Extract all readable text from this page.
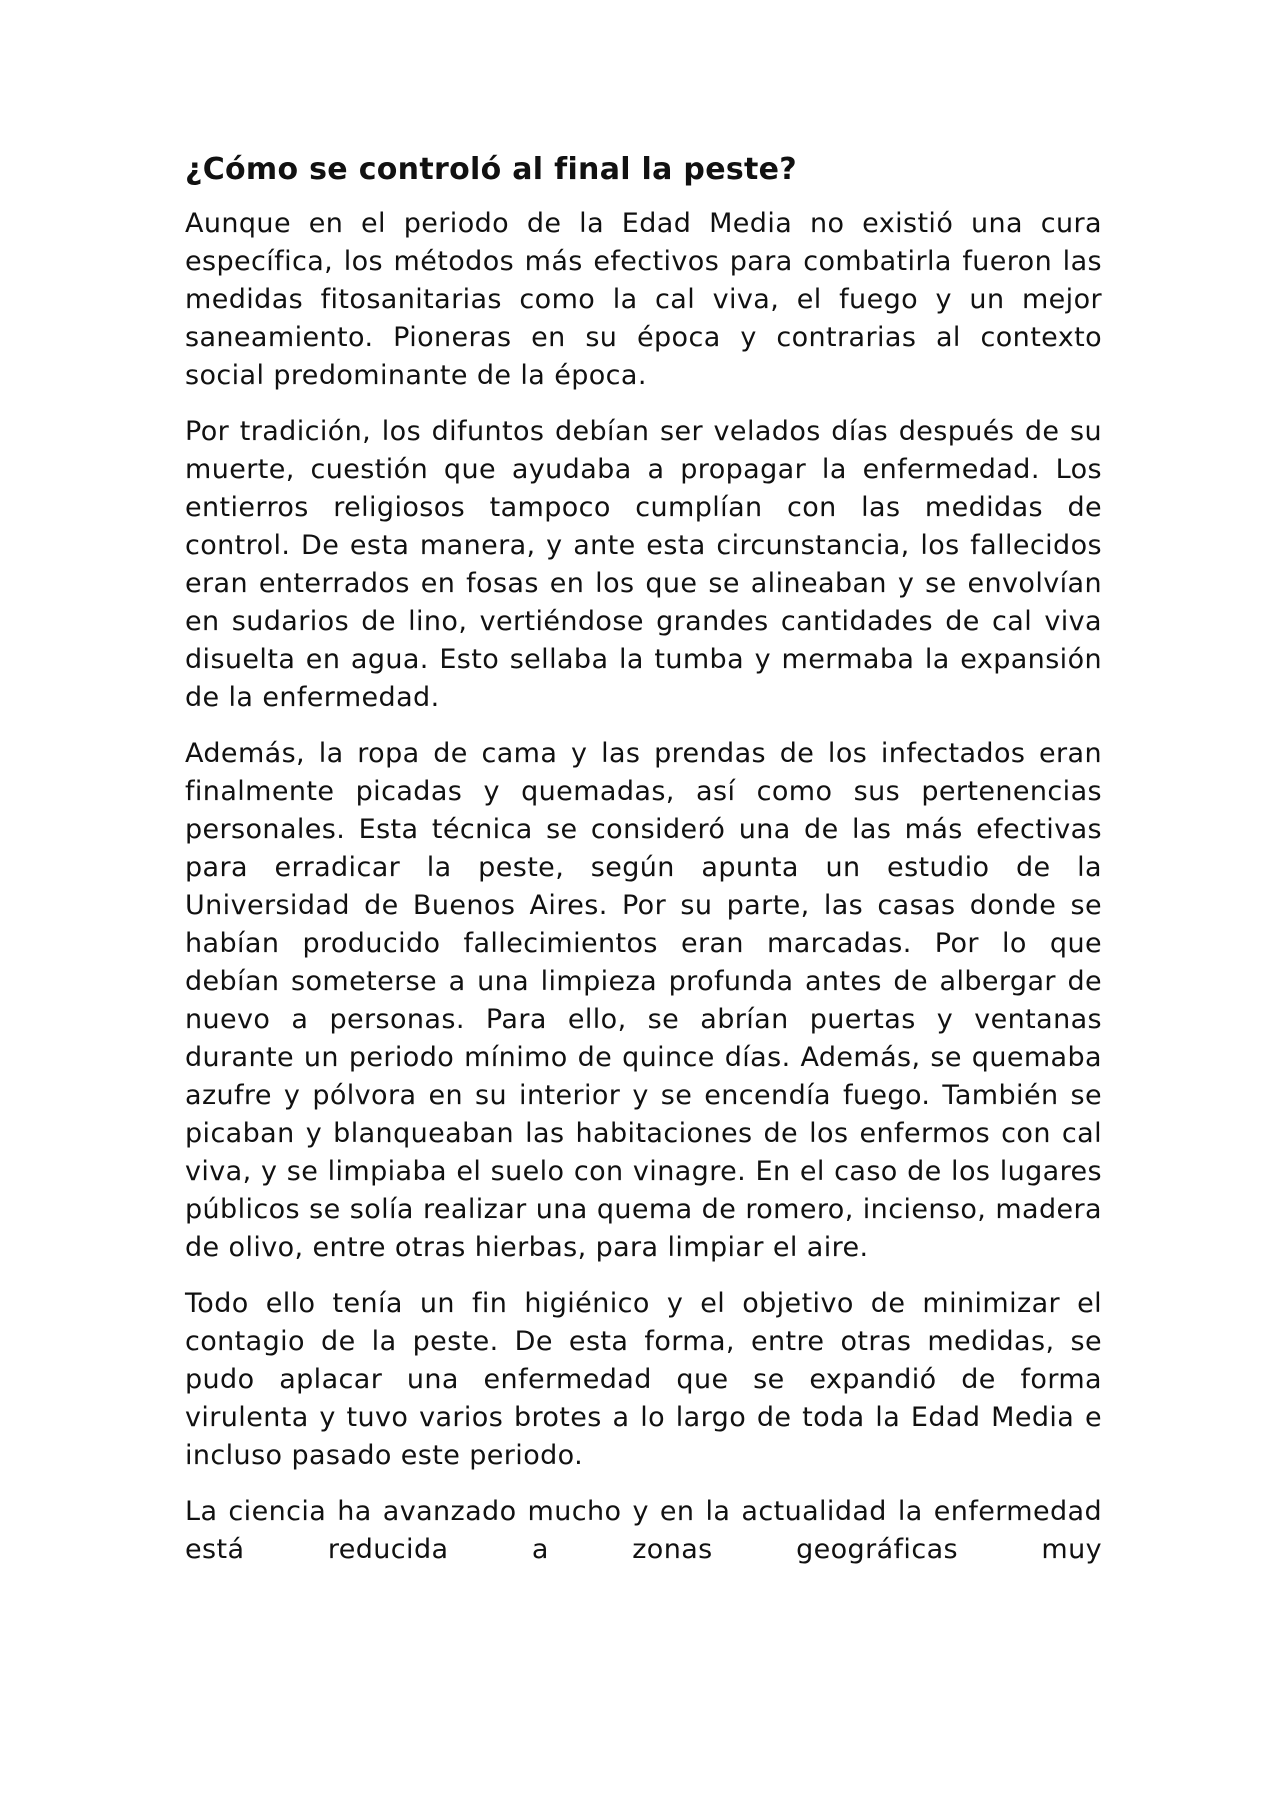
¿Cómo se controló al final la peste?

Aunque en el periodo de la Edad Media no existió una cura específica, los métodos más efectivos para combatirla fueron las medidas fitosanitarias como la cal viva, el fuego y un mejor saneamiento. Pioneras en su época y contrarias al contexto social predominante de la época.

Por tradición, los difuntos debían ser velados días después de su muerte, cuestión que ayudaba a propagar la enfermedad. Los entierros religiosos tampoco cumplían con las medidas de control. De esta manera, y ante esta circunstancia, los fallecidos eran enterrados en fosas en los que se alineaban y se envolvían en sudarios de lino, vertiéndose grandes cantidades de cal viva disuelta en agua. Esto sellaba la tumba y mermaba la expansión de la enfermedad.

Además, la ropa de cama y las prendas de los infectados eran finalmente picadas y quemadas, así como sus pertenencias personales. Esta técnica se consideró una de las más efectivas para erradicar la peste, según apunta un estudio de la Universidad de Buenos Aires. Por su parte, las casas donde se habían producido fallecimientos eran marcadas. Por lo que debían someterse a una limpieza profunda antes de albergar de nuevo a personas. Para ello, se abrían puertas y ventanas durante un periodo mínimo de quince días. Además, se quemaba azufre y pólvora en su interior y se encendía fuego. También se picaban y blanqueaban las habitaciones de los enfermos con cal viva, y se limpiaba el suelo con vinagre. En el caso de los lugares públicos se solía realizar una quema de romero, incienso, madera de olivo, entre otras hierbas, para limpiar el aire.

Todo ello tenía un fin higiénico y el objetivo de minimizar el contagio de la peste. De esta forma, entre otras medidas, se pudo aplacar una enfermedad que se expandió de forma virulenta y tuvo varios brotes a lo largo de toda la Edad Media e incluso pasado este periodo.

La ciencia ha avanzado mucho y en la actualidad la enfermedad está reducida a zonas geográficas muy
